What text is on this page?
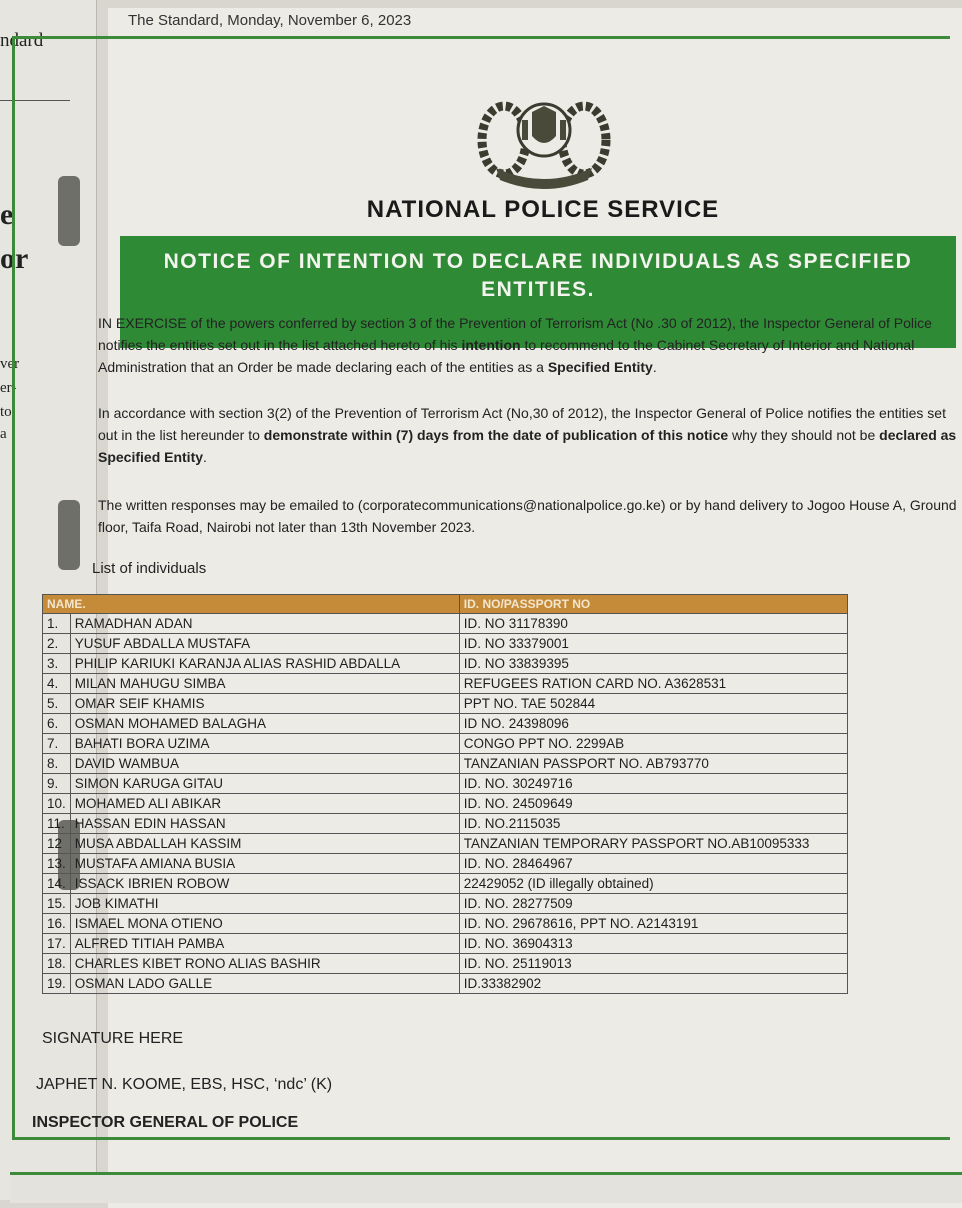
ndard
e
or
ver
er-
to
a
The Standard, Monday, November 6, 2023
NATIONAL POLICE SERVICE
NOTICE OF INTENTION TO DECLARE INDIVIDUALS AS SPECIFIED ENTITIES.
IN EXERCISE of the powers conferred by section 3 of the Prevention of Terrorism Act (No .30 of 2012), the Inspector General of Police notifies the entities set out in the list attached hereto of his intention to recommend to the Cabinet Secretary of Interior and National Administration that an Order be made declaring each of the entities as a Specified Entity.
In accordance with section 3(2) of the Prevention of Terrorism Act (No,30 of 2012), the Inspector General of Police notifies the entities set out in the list hereunder to demonstrate within (7) days from the date of publication of this notice why they should not be declared as Specified Entity.
The written responses may be emailed to (corporatecommunications@nationalpolice.go.ke) or by hand delivery to Jogoo House A, Ground floor, Taifa Road, Nairobi not later than 13th November 2023.
List of individuals
NAME.		ID. NO/PASSPORT NO
1.	RAMADHAN ADAN	ID. NO 31178390
2.	YUSUF ABDALLA MUSTAFA	ID. NO 33379001
3.	PHILIP KARIUKI KARANJA ALIAS RASHID ABDALLA	ID. NO 33839395
4.	MILAN MAHUGU SIMBA	REFUGEES RATION CARD NO. A3628531
5.	OMAR SEIF KHAMIS	PPT NO. TAE 502844
6.	OSMAN MOHAMED BALAGHA	ID NO. 24398096
7.	BAHATI BORA UZIMA	CONGO PPT NO. 2299AB
8.	DAVID WAMBUA	TANZANIAN PASSPORT NO. AB793770
9.	SIMON KARUGA GITAU	ID. NO. 30249716
10.	MOHAMED ALI ABIKAR	ID. NO. 24509649
11.	HASSAN EDIN HASSAN	ID. NO.2115035
12	MUSA ABDALLAH KASSIM	TANZANIAN TEMPORARY PASSPORT NO.AB10095333
13.	MUSTAFA AMIANA BUSIA	ID. NO. 28464967
14.	ISSACK IBRIEN ROBOW	22429052 (ID illegally obtained)
15.	JOB KIMATHI	ID. NO. 28277509
16.	ISMAEL MONA OTIENO	ID. NO. 29678616, PPT NO. A2143191
17.	ALFRED TITIAH PAMBA	ID. NO. 36904313
18.	CHARLES KIBET RONO ALIAS BASHIR	ID. NO. 25119013
19.	OSMAN LADO GALLE	ID.33382902
SIGNATURE HERE
JAPHET N. KOOME, EBS, HSC, ‘ndc’ (K)
INSPECTOR GENERAL OF POLICE
